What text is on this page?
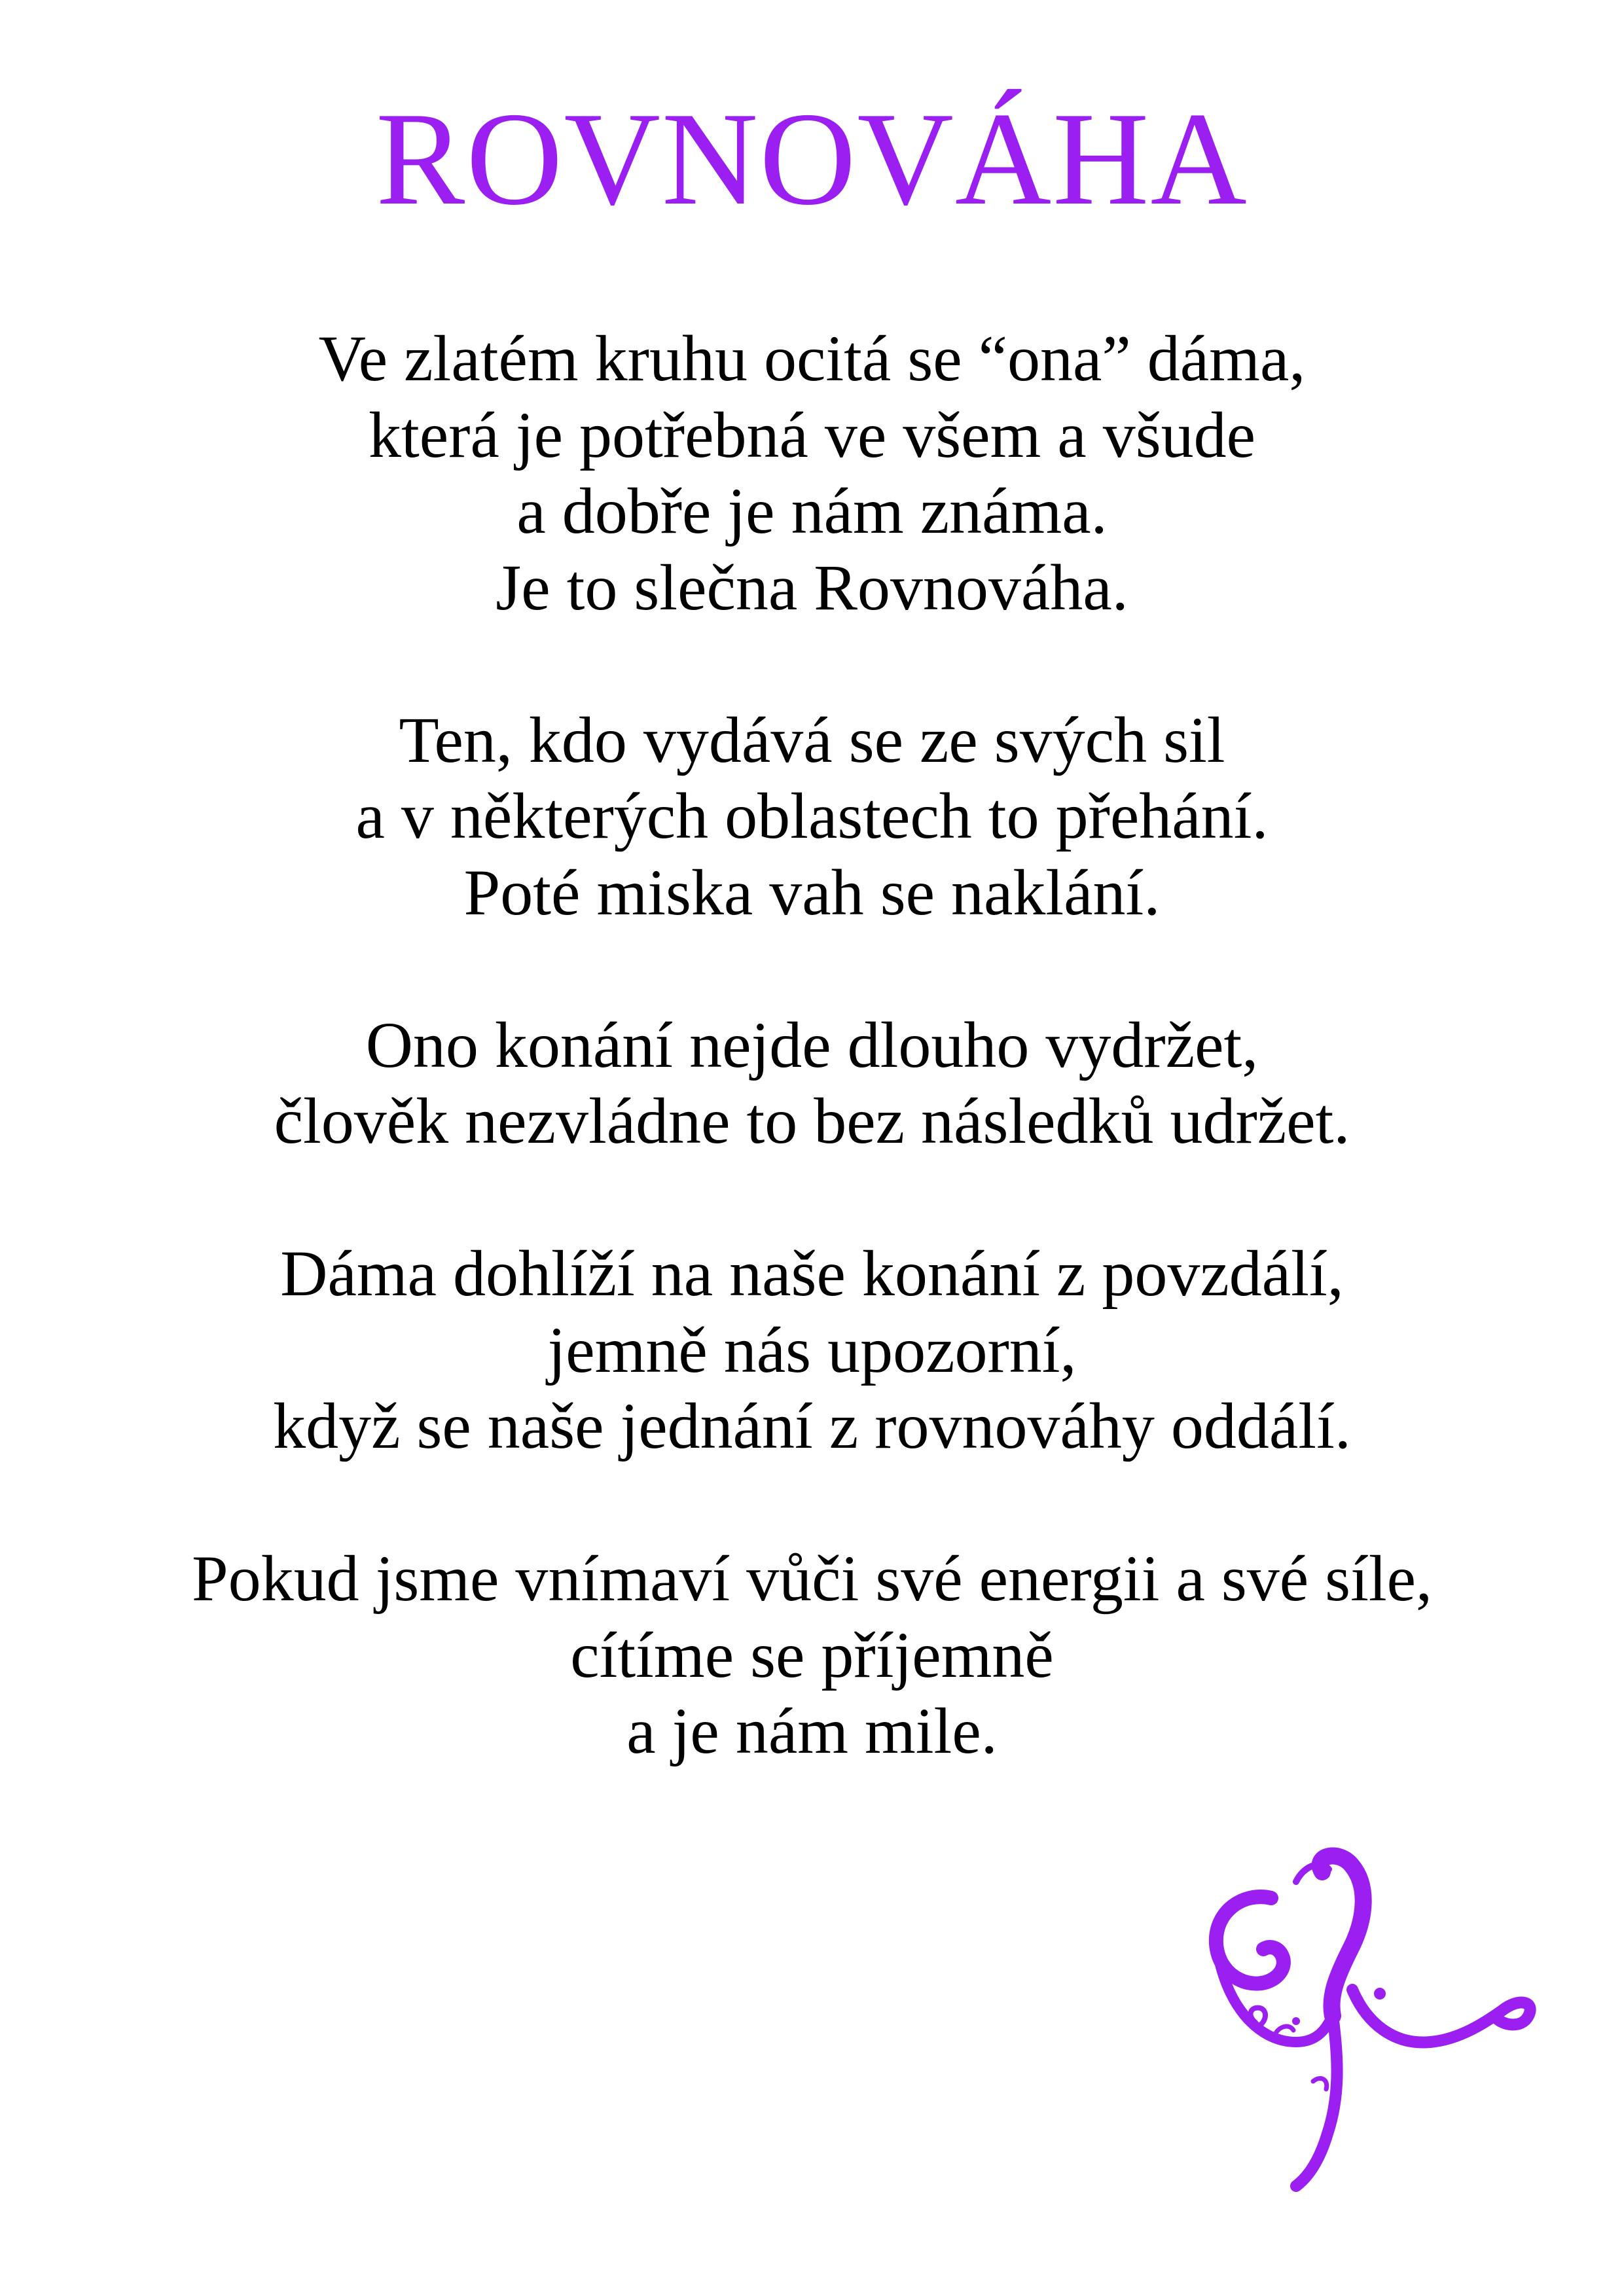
ROVNOVÁHA
Ve zlatém kruhu ocitá se “ona” dáma,
která je potřebná ve všem a všude
a dobře je nám známa.
Je to slečna Rovnováha.
Ten, kdo vydává se ze svých sil
a v některých oblastech to přehání.
Poté miska vah se naklání.
Ono konání nejde dlouho vydržet,
člověk nezvládne to bez následků udržet.
Dáma dohlíží na naše konání z povzdálí,
jemně nás upozorní,
když se naše jednání z rovnováhy oddálí.
Pokud jsme vnímaví vůči své energii a své síle,
cítíme se příjemně
a je nám mile.
